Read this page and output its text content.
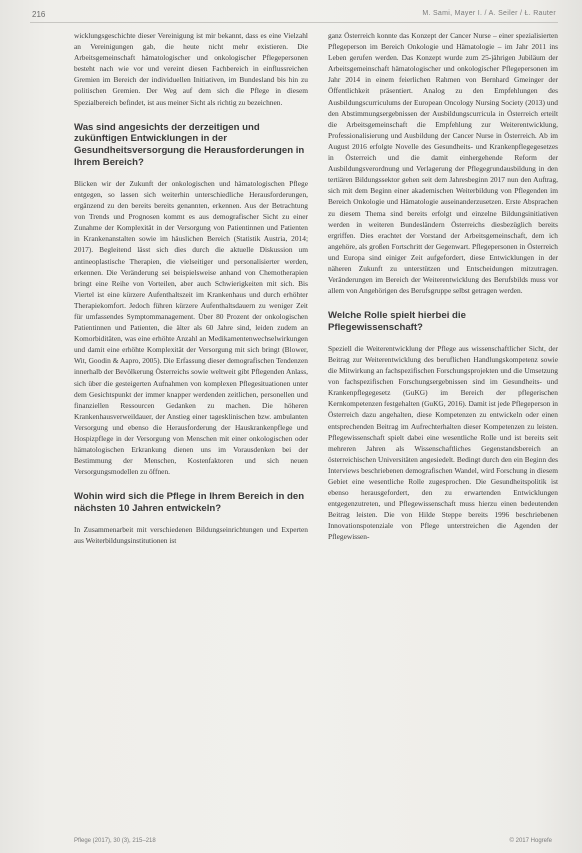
216	M. Sami, Mayer I. / A. Seiler / Ł. Rauter

wicklungsgeschichte dieser Vereinigung ist mir bekannt, dass es eine Vielzahl an Vereinigungen gab, die heute nicht mehr existieren. Die Arbeitsgemeinschaft hämatologischer und onkologischer Pflegepersonen besteht nach wie vor und vereint diesen Fachbereich in einflussreichen Gremien im Bereich der individuellen Initiativen, im Bundesland bis hin zu politischen Gremien. Der Weg auf dem sich die Pflege in diesem Spezialbereich befindet, ist aus meiner Sicht als richtig zu bezeichnen.

Was sind angesichts der derzeitigen und zukünftigen Entwicklungen in der Gesundheitsversorgung die Herausforderungen in Ihrem Bereich?

Blicken wir der Zukunft der onkologischen und hämatologischen Pflege entgegen, so lassen sich weiterhin unterschiedliche Herausforderungen, ergänzend zu den bereits bereits genannten, erkennen. Aus der Betrachtung von Trends und Prognosen kommt es aus demografischer Sicht zu einer Zunahme der Komplexität in der Versorgung von Patientinnen und Patienten in Krankenanstalten sowie im häuslichen Bereich (Statistik Austria, 2014; 2017). Begleitend lässt sich dies durch die aktuelle Diskussion um antineoplastische Therapien, die vielseitiger und personalisierter werden, erkennen. Die Veränderung sei beispielsweise anhand von Chemotherapien bringt eine Reihe von Vorteilen, aber auch Schwierigkeiten mit sich. Bis Viertel ist eine kürzere Aufenthaltszeit im Krankenhaus und durch erhöhter Therapiekomfort. Jedoch führen kürzere Aufenthaltsdauern zu weniger Zeit für umfassendes Symptommanagement. Über 80 Prozent der onkologischen Patientinnen und Patienten, die älter als 60 Jahre sind, leiden zudem an Komorbiditäten, was eine erhöhte Anzahl an Medikamentenwechselwirkungen und damit eine erhöhte Komplexität der Versorgung mit sich bringt (Blower, Wit, Goodin & Aapro, 2005). Die Erfassung dieser demografischen Tendenzen innerhalb der Bevölkerung Österreichs sowie weltweit gibt Pflegenden Anlass, sich über die gesteigerten Aufnahmen von komplexen Pflegesituationen unter dem Gesichtspunkt der immer knapper werdenden zeitlichen, personellen und finanziellen Ressourcen Gedanken zu machen. Die höheren Krankenhausverweildauer, der Anstieg einer tagesklinischen bzw. ambulanten Versorgung und ebenso die Herausforderung der Hauskrankenpflege und Hospizpflege in der Versorgung von Menschen mit einer onkologischen oder hämatologischen Erkrankung dienen uns im Vorausdenken bei der Bestimmung der Menschen, Kostenfaktoren und sich neuen Versorgungsmodellen zu öffnen.

Wohin wird sich die Pflege in Ihrem Bereich in den nächsten 10 Jahren entwickeln?

In Zusammenarbeit mit verschiedenen Bildungseinrichtungen und Experten aus Weiterbildungsinstitutionen ist

ganz Österreich konnte das Konzept der Cancer Nurse – einer spezialisierten Pflegeperson im Bereich Onkologie und Hämatologie – im Jahr 2011 ins Leben gerufen werden. Das Konzept wurde zum 25-jährigen Jubiläum der Arbeitsgemeinschaft hämatologischer und onkologischer Pflegepersonen im Jahr 2014 in einem feierlichen Rahmen von Bernhard Gmeinger der Öffentlichkeit präsentiert. Analog zu den Empfehlungen des Ausbildungscurriculums der European Oncology Nursing Society (2013) und den Abstimmungsergebnissen der Ausbildungscurricula in Österreich erteilt die Arbeitsgemeinschaft die Empfehlung zur Weiterentwicklung, Professionalisierung und Ausbildung der Cancer Nurse in Österreich. Ab im August 2016 erfolgte Novelle des Gesundheits- und Krankenpflegegesetzes in Österreich und die damit einhergehende Reform der Ausbildungsverordnung und Verlagerung der Pflegegrundausbildung in den tertiären Bildungssektor gehen seit dem Jahresbeginn 2017 nun den Auftrag, sich mit dem Beginn einer akademischen Weiterbildung von Pflegenden im Bereich Onkologie und Hämatologie auseinanderzusetzen. Erste Absprachen zu diesem Thema sind bereits erfolgt und einzelne Bildungsinitiativen werden in weiteren Bundesländern Österreichs diesbezüglich bereits ergriffen. Dies erachtet der Vorstand der Arbeitsgemeinschaft, dem ich angehöre, als großen Fortschritt der Gegenwart. Pflegepersonen in Österreich und Europa sind einiger Zeit aufgefordert, diese Entwicklungen in der näheren Zukunft zu unterstützen und Entscheidungen mitzutragen. Veränderungen im Bereich der Weiterentwicklung des Berufsbilds muss vor allem von Angehörigen des Berufsgruppe selbst getragen werden.

Welche Rolle spielt hierbei die Pflegewissenschaft?

Speziell die Weiterentwicklung der Pflege aus wissenschaftlicher Sicht, der Beitrag zur Weiterentwicklung des beruflichen Handlungskompetenz sowie die Mitwirkung an fachspezifischen Forschungsprojekten und die Umsetzung von fachspezifischen Forschungsergebnissen sind im Gesundheits- und Krankenpflegegesetz (GuKG) im Bereich der pflegerischen Kernkompetenzen festgehalten (GuKG, 2016). Damit ist jede Pflegeperson in Österreich dazu angehalten, diese Kompetenzen zu entwickeln oder einen entsprechenden Beitrag im Aufrechterhalten dieser Kompetenzen zu leisten. Pflegewissenschaft spielt dabei eine wesentliche Rolle und ist bereits seit mehreren Jahren als Wissenschaftliches Gegenstandsbereich an österreichischen Universitäten angesiedelt. Bedingt durch den ein Beginn des Interviews beschriebenen demografischen Wandel, wird Forschung in diesem Gebiet eine wesentliche Rolle zugesprochen. Die Gesundheitspolitik ist ebenso herausgefordert, den zu erwartenden Entwicklungen entgegenzutreten, und Pflegewissenschaft muss hierzu einen bedeutenden Beitrag leisten. Die von Hilde Steppe bereits 1996 beschriebenen Innovationspotenziale von Pflege unterstreichen die Agenden der Pflegewissen-

Pflege (2017), 30 (3), 215–218	© 2017 Hogrefe
